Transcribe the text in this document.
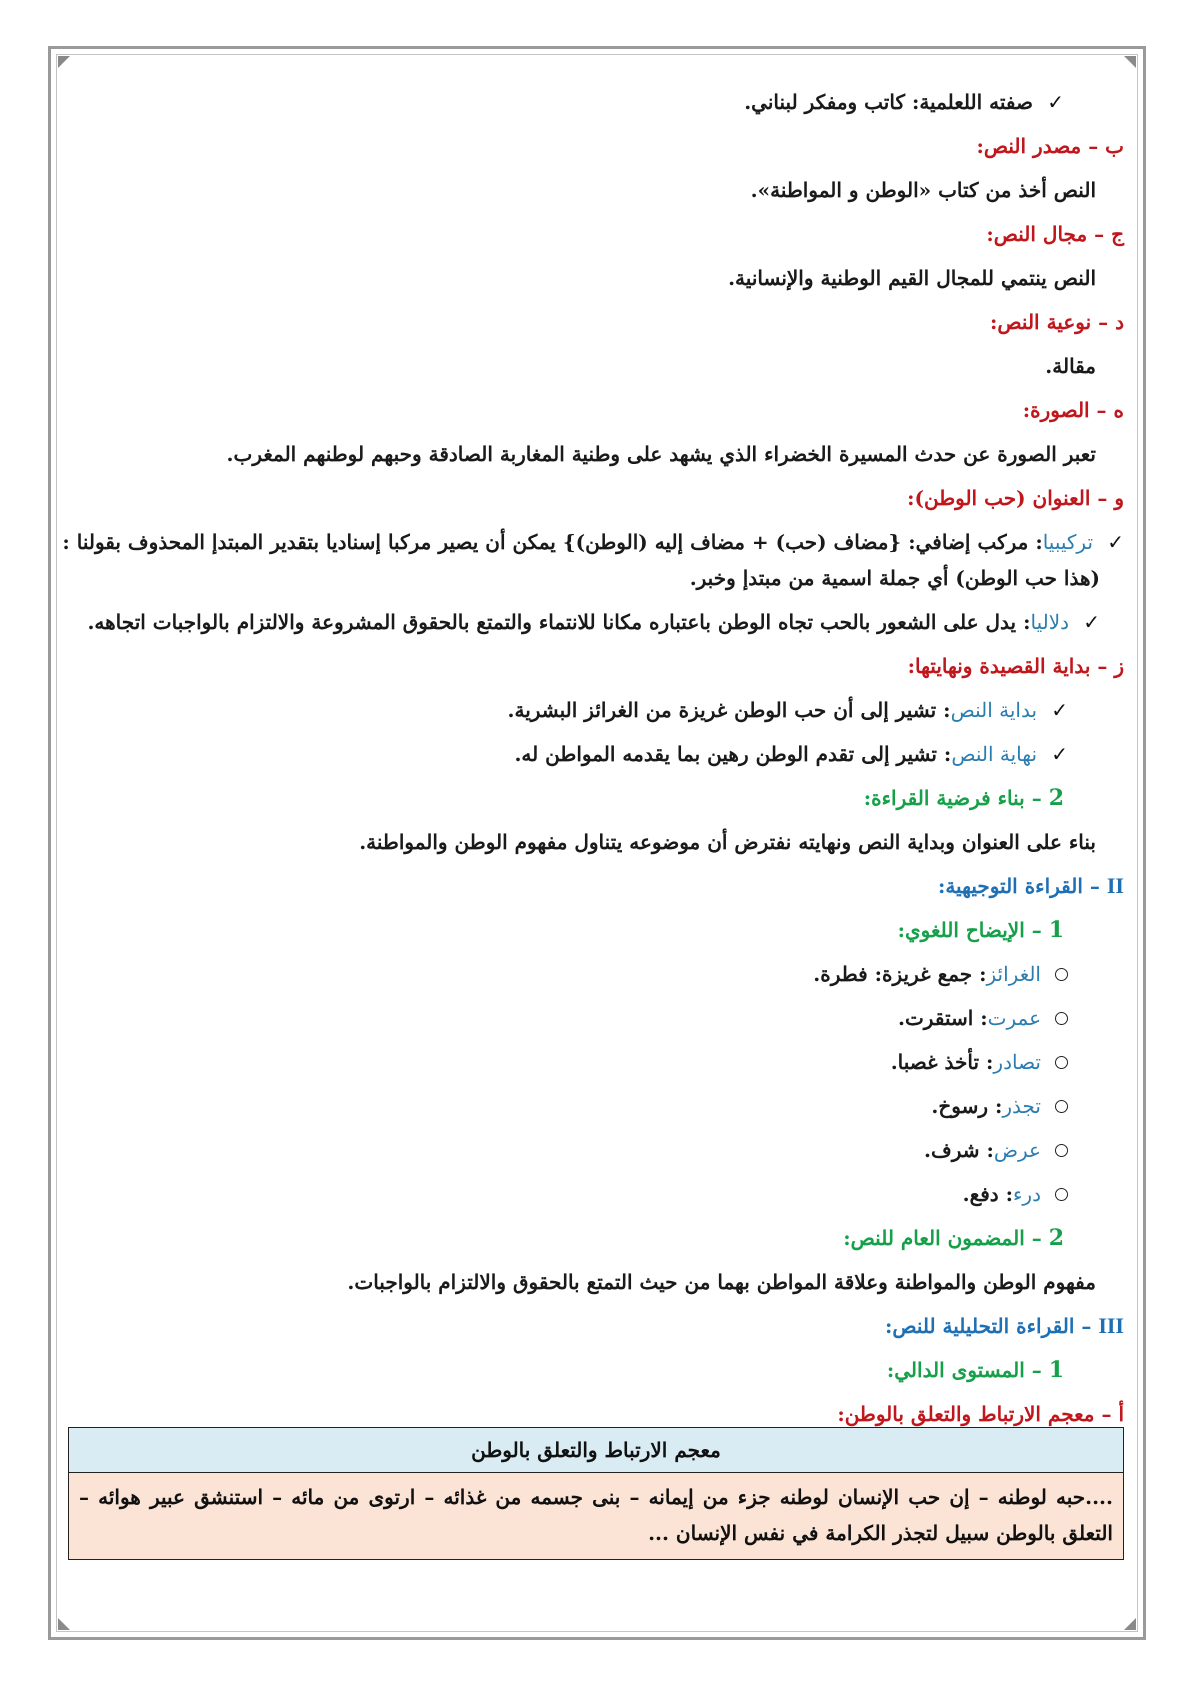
✓ صفته اللعلمية: كاتب ومفكر لبناني.
ب – مصدر النص:
النص أخذ من كتاب «الوطن و المواطنة».
ج – مجال النص:
النص ينتمي للمجال القيم الوطنية والإنسانية.
د – نوعية النص:
مقالة.
ه – الصورة:
تعبر الصورة عن حدث المسيرة الخضراء الذي يشهد على وطنية المغاربة الصادقة وحبهم لوطنهم المغرب.
و – العنوان (حب الوطن):
✓ تركيبيا: مركب إضافي: {مضاف (حب) + مضاف إليه (الوطن)} يمكن أن يصير مركبا إسناديا بتقدير المبتدإ المحذوف بقولنا :
(هذا حب الوطن) أي جملة اسمية من مبتدإ وخبر.
✓ دلاليا: يدل على الشعور بالحب تجاه الوطن باعتباره مكانا للانتماء والتمتع بالحقوق المشروعة والالتزام بالواجبات اتجاهه.
ز – بداية القصيدة ونهايتها:
✓ بداية النص: تشير إلى أن حب الوطن غريزة من الغرائز البشرية.
✓ نهاية النص: تشير إلى تقدم الوطن رهين بما يقدمه المواطن له.
2 – بناء فرضية القراءة:
بناء على العنوان وبداية النص ونهايته نفترض أن موضوعه يتناول مفهوم الوطن والمواطنة.
II – القراءة التوجيهية:
1 – الإيضاح اللغوي:
الغرائز: جمع غريزة: فطرة.
عمرت: استقرت.
تصادر: تأخذ غصبا.
تجذر: رسوخ.
عرض: شرف.
درء: دفع.
2 – المضمون العام للنص:
مفهوم الوطن والمواطنة وعلاقة المواطن بهما من حيث التمتع بالحقوق والالتزام بالواجبات.
III – القراءة التحليلية للنص:
1 – المستوى الدالي:
أ – معجم الارتباط والتعلق بالوطن:
معجم الارتباط والتعلق بالوطن
....حبه لوطنه – إن حب الإنسان لوطنه جزء من إيمانه – بنى جسمه من غذائه – ارتوى من مائه – استنشق عبير هوائه – التعلق بالوطن سبيل لتجذر الكرامة في نفس الإنسان ...
